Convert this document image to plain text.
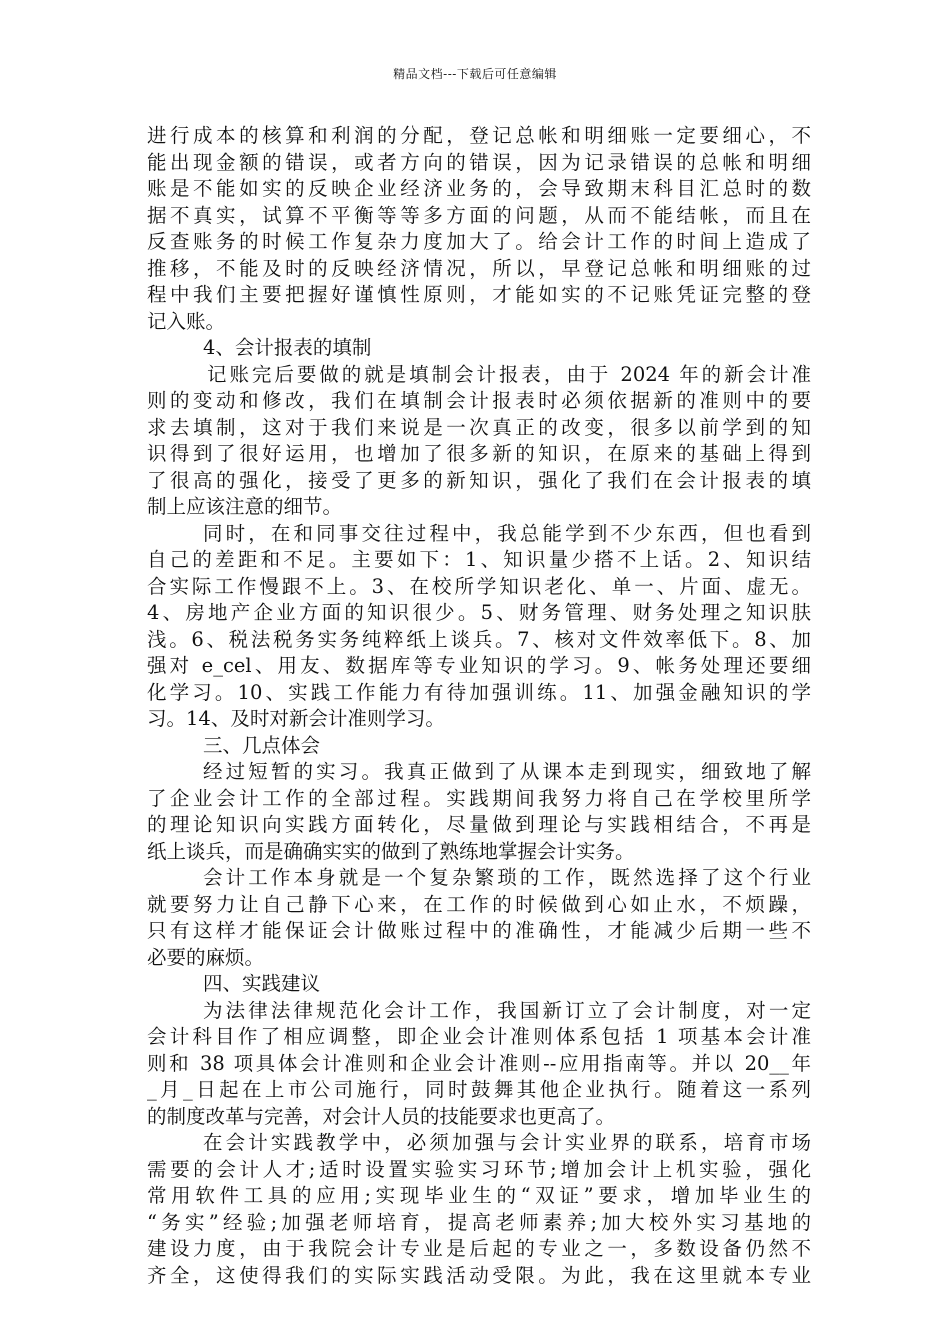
精品文档---下载后可任意编辑
进行成本的核算和利润的分配，登记总帐和明细账一定要细心，不
能出现金额的错误，或者方向的错误，因为记录错误的总帐和明细
账是不能如实的反映企业经济业务的，会导致期末科目汇总时的数
据不真实，试算不平衡等等多方面的问题，从而不能结帐，而且在
反查账务的时候工作复杂力度加大了。给会计工作的时间上造成了
推移，不能及时的反映经济情况，所以，早登记总帐和明细账的过
程中我们主要把握好谨慎性原则，才能如实的不记账凭证完整的登
记入账。
4、会计报表的填制
记账完后要做的就是填制会计报表，由于 2024 年的新会计准
则的变动和修改，我们在填制会计报表时必须依据新的准则中的要
求去填制，这对于我们来说是一次真正的改变，很多以前学到的知
识得到了很好运用，也增加了很多新的知识，在原来的基础上得到
了很高的强化，接受了更多的新知识，强化了我们在会计报表的填
制上应该注意的细节。
同时，在和同事交往过程中，我总能学到不少东西，但也看到
自己的差距和不足。主要如下：1、知识量少搭不上话。2、知识结
合实际工作慢跟不上。3、在校所学知识老化、单一、片面、虚无。
4、房地产企业方面的知识很少。5、财务管理、财务处理之知识肤
浅。6、税法税务实务纯粹纸上谈兵。7、核对文件效率低下。8、加
强对 e_cel、用友、数据库等专业知识的学习。9、帐务处理还要细
化学习。10、实践工作能力有待加强训练。11、加强金融知识的学
习。14、及时对新会计准则学习。
三、几点体会
经过短暂的实习。我真正做到了从课本走到现实，细致地了解
了企业会计工作的全部过程。实践期间我努力将自己在学校里所学
的理论知识向实践方面转化，尽量做到理论与实践相结合，不再是
纸上谈兵，而是确确实实的做到了熟练地掌握会计实务。
会计工作本身就是一个复杂繁琐的工作，既然选择了这个行业
就要努力让自己静下心来，在工作的时候做到心如止水，不烦躁，
只有这样才能保证会计做账过程中的准确性，才能减少后期一些不
必要的麻烦。
四、实践建议
为法律法律规范化会计工作，我国新订立了会计制度，对一定
会计科目作了相应调整，即企业会计准则体系包括 1 项基本会计准
则和 38 项具体会计准则和企业会计准则--应用指南等。并以 20__年
_月_日起在上市公司施行，同时鼓舞其他企业执行。随着这一系列
的制度改革与完善，对会计人员的技能要求也更高了。
在会计实践教学中，必须加强与会计实业界的联系，培育市场
需要的会计人才;适时设置实验实习环节;增加会计上机实验，强化
常用软件工具的应用;实现毕业生的“双证”要求，增加毕业生的
“务实”经验;加强老师培育，提高老师素养;加大校外实习基地的
建设力度，由于我院会计专业是后起的专业之一，多数设备仍然不
齐全，这使得我们的实际实践活动受限。为此，我在这里就本专业
